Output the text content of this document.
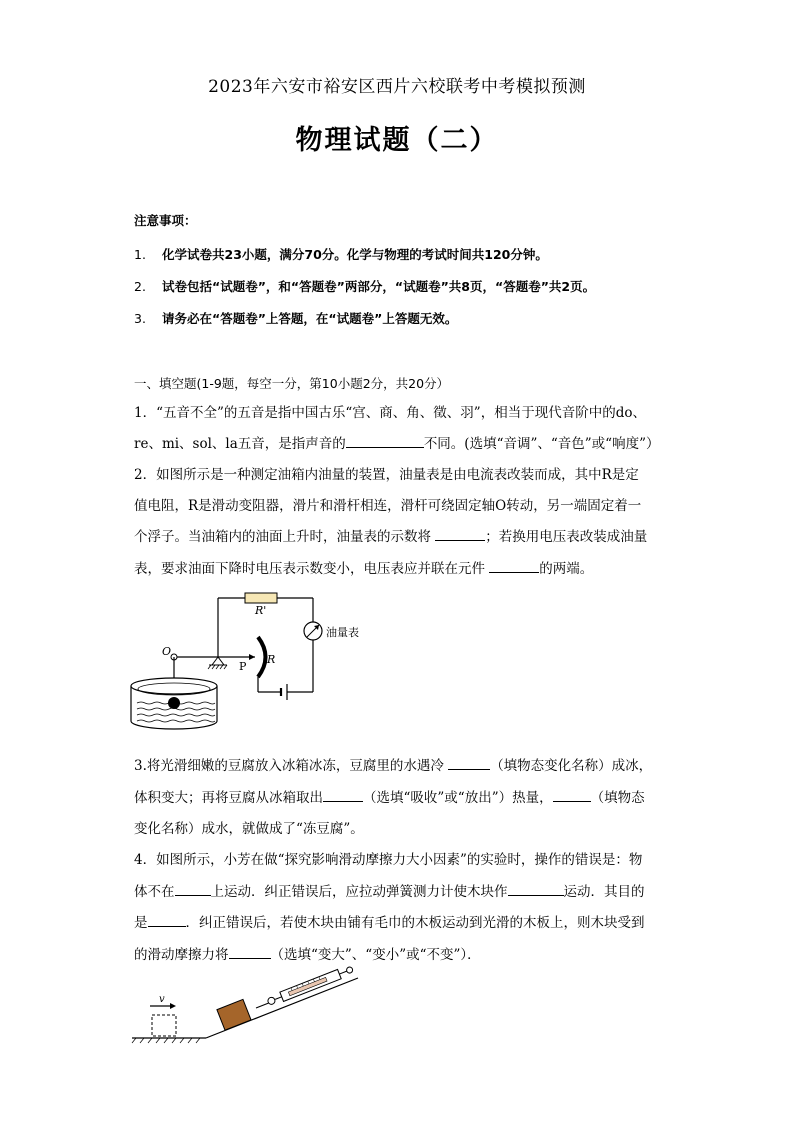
2023年六安市裕安区西片六校联考中考模拟预测
物理试题（二）
注意事项：
1. 化学试卷共23小题，满分70分。化学与物理的考试时间共120分钟。
2. 试卷包括“试题卷”，和“答题卷”两部分，“试题卷”共8页，“答题卷”共2页。
3. 请务必在“答题卷”上答题，在“试题卷”上答题无效。
一、填空题(1-9题，每空一分，第10小题2分，共20分）
1．“五音不全”的五音是指中国古乐“宫、商、角、徵、羽”，相当于现代音阶中的do、
re、mi、sol、la五音，是指声音的	不同。(选填“音调”、“音色”或“响度”）
2．如图所示是一种测定油箱内油量的装置，油量表是由电流表改装而成，其中R是定
值电阻，R是滑动变阻器，滑片和滑杆相连，滑杆可绕固定轴O转动，另一端固定着一
个浮子。当油箱内的油面上升时，油量表的示数将	；若换用电压表改装成油量
表，要求油面下降时电压表示数变小，电压表应并联在元件	的两端。
R'
油量表
O
P
R
3.将光滑细嫩的豆腐放入冰箱冰冻，豆腐里的水遇冷	（填物态变化名称）成冰，
体积变大；再将豆腐从冰箱取出	（选填“吸收”或“放出”）热量，	（填物态
变化名称）成水，就做成了“冻豆腐”。
4．如图所示，小芳在做“探究影响滑动摩擦力大小因素”的实验时，操作的错误是：物
体不在	上运动．纠正错误后，应拉动弹簧测力计使木块作	运动．其目的
是	．纠正错误后，若使木块由铺有毛巾的木板运动到光滑的木板上，则木块受到
的滑动摩擦力将	（选填“变大”、“变小”或“不变”）．
v
